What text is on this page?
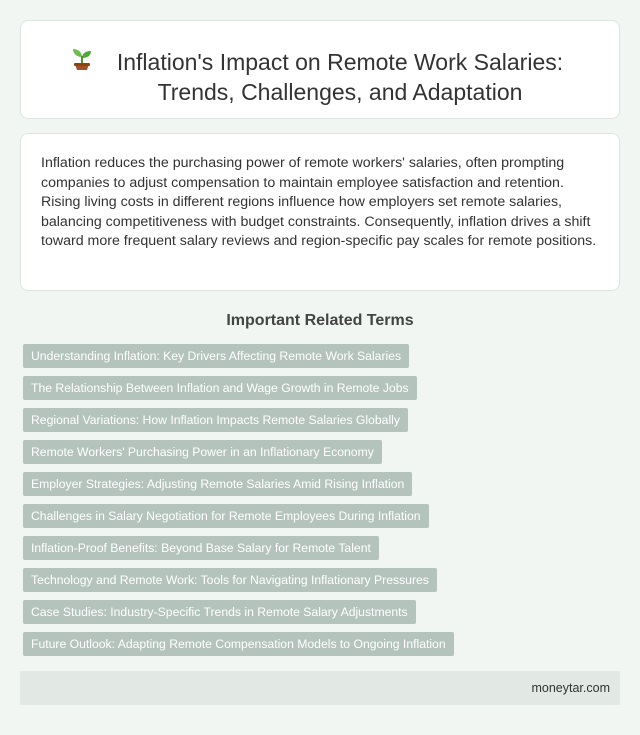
Inflation's Impact on Remote Work Salaries: Trends, Challenges, and Adaptation

Inflation reduces the purchasing power of remote workers' salaries, often prompting companies to adjust compensation to maintain employee satisfaction and retention. Rising living costs in different regions influence how employers set remote salaries, balancing competitiveness with budget constraints. Consequently, inflation drives a shift toward more frequent salary reviews and region-specific pay scales for remote positions.

Important Related Terms
Understanding Inflation: Key Drivers Affecting Remote Work Salaries
The Relationship Between Inflation and Wage Growth in Remote Jobs
Regional Variations: How Inflation Impacts Remote Salaries Globally
Remote Workers' Purchasing Power in an Inflationary Economy
Employer Strategies: Adjusting Remote Salaries Amid Rising Inflation
Challenges in Salary Negotiation for Remote Employees During Inflation
Inflation-Proof Benefits: Beyond Base Salary for Remote Talent
Technology and Remote Work: Tools for Navigating Inflationary Pressures
Case Studies: Industry-Specific Trends in Remote Salary Adjustments
Future Outlook: Adapting Remote Compensation Models to Ongoing Inflation
moneytar.com
